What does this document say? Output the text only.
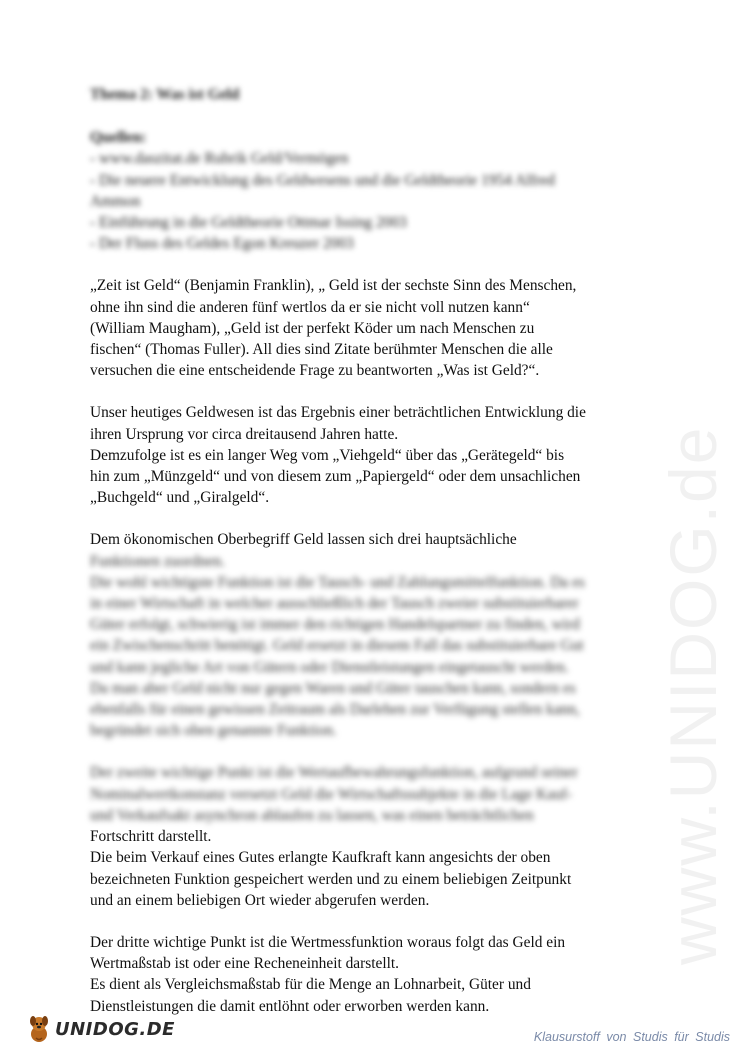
www.UNIDOG.de
Thema 2: Was ist Geld
Quellen:
- www.daszitat.de Rubrik Geld/Vermögen
- Die neuere Entwicklung des Geldwesens und die Geldtheorie 1954 Alfred
Ammon
- Einführung in die Geldtheorie Ottmar Issing 2003
- Der Fluss des Geldes Egon Kreuzer 2003
„Zeit ist Geld“ (Benjamin Franklin), „ Geld ist der sechste Sinn des Menschen,
ohne ihn sind die anderen fünf wertlos da er sie nicht voll nutzen kann“
(William Maugham), „Geld ist der perfekt Köder um nach Menschen zu
fischen“ (Thomas Fuller). All dies sind Zitate berühmter Menschen die alle
versuchen die eine entscheidende Frage zu beantworten „Was ist Geld?“.
Unser heutiges Geldwesen ist das Ergebnis einer beträchtlichen Entwicklung die
ihren Ursprung vor circa dreitausend Jahren hatte.
Demzufolge ist es ein langer Weg vom „Viehgeld“ über das „Gerätegeld“ bis
hin zum „Münzgeld“ und von diesem zum „Papiergeld“ oder dem unsachlichen
„Buchgeld“ und „Giralgeld“.
Dem ökonomischen Oberbegriff Geld lassen sich drei hauptsächliche
Funktionen zuordnen.
Die wohl wichtigste Funktion ist die Tausch- und Zahlungsmittelfunktion. Da es
in einer Wirtschaft in welcher ausschließlich der Tausch zweier substituierbarer
Güter erfolgt, schwierig ist immer den richtigen Handelspartner zu finden, wird
ein Zwischenschritt benötigt. Geld ersetzt in diesem Fall das substituierbare Gut
und kann jegliche Art von Gütern oder Dienstleistungen eingetauscht werden.
Da man aber Geld nicht nur gegen Waren und Güter tauschen kann, sondern es
ebenfalls für einen gewissen Zeitraum als Darlehen zur Verfügung stellen kann,
begründet sich oben genannte Funktion.
Der zweite wichtige Punkt ist die Wertaufbewahrungsfunktion, aufgrund seiner
Nominalwertkonstanz versetzt Geld die Wirtschaftssubjekte in die Lage Kauf-
und Verkaufsakt asynchron ablaufen zu lassen, was einen beträchtlichen
Fortschritt darstellt.
Die beim Verkauf eines Gutes erlangte Kaufkraft kann angesichts der oben
bezeichneten Funktion gespeichert werden und zu einem beliebigen Zeitpunkt
und an einem beliebigen Ort wieder abgerufen werden.
Der dritte wichtige Punkt ist die Wertmessfunktion woraus folgt das Geld ein
Wertmaßstab ist oder eine Recheneinheit darstellt.
Es dient als Vergleichsmaßstab für die Menge an Lohnarbeit, Güter und
Dienstleistungen die damit entlöhnt oder erworben werden kann.
UNIDOG.DE	Klausurstoff von Studis für Studis
